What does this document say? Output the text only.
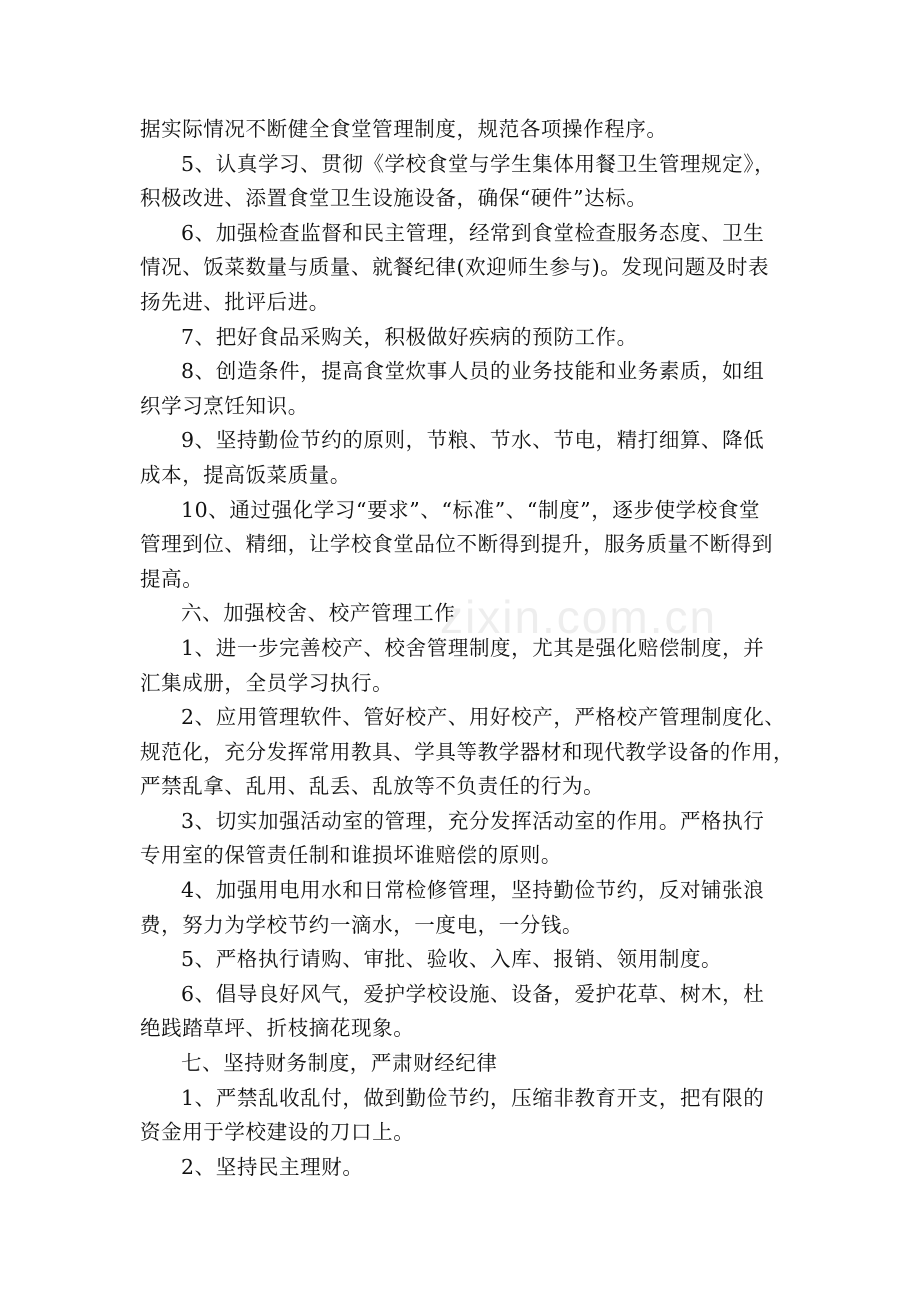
据实际情况不断健全食堂管理制度，规范各项操作程序。
5、认真学习、贯彻《学校食堂与学生集体用餐卫生管理规定》，
积极改进、添置食堂卫生设施设备，确保“硬件”达标。
6、加强检查监督和民主管理，经常到食堂检查服务态度、卫生
情况、饭菜数量与质量、就餐纪律(欢迎师生参与)。发现问题及时表
扬先进、批评后进。
7、把好食品采购关，积极做好疾病的预防工作。
8、创造条件，提高食堂炊事人员的业务技能和业务素质，如组
织学习烹饪知识。
9、坚持勤俭节约的原则，节粮、节水、节电，精打细算、降低
成本，提高饭菜质量。
10、通过强化学习“要求”、“标准”、“制度”，逐步使学校食堂
管理到位、精细，让学校食堂品位不断得到提升，服务质量不断得到
提高。
六、加强校舍、校产管理工作
1、进一步完善校产、校舍管理制度，尤其是强化赔偿制度，并
汇集成册，全员学习执行。
2、应用管理软件、管好校产、用好校产，严格校产管理制度化、
规范化，充分发挥常用教具、学具等教学器材和现代教学设备的作用，
严禁乱拿、乱用、乱丢、乱放等不负责任的行为。
3、切实加强活动室的管理，充分发挥活动室的作用。严格执行
专用室的保管责任制和谁损坏谁赔偿的原则。
4、加强用电用水和日常检修管理，坚持勤俭节约，反对铺张浪
费，努力为学校节约一滴水，一度电，一分钱。
5、严格执行请购、审批、验收、入库、报销、领用制度。
6、倡导良好风气，爱护学校设施、设备，爱护花草、树木，杜
绝践踏草坪、折枝摘花现象。
七、坚持财务制度，严肃财经纪律
1、严禁乱收乱付，做到勤俭节约，压缩非教育开支，把有限的
资金用于学校建设的刀口上。
2、坚持民主理财。
zixin.com.cn
